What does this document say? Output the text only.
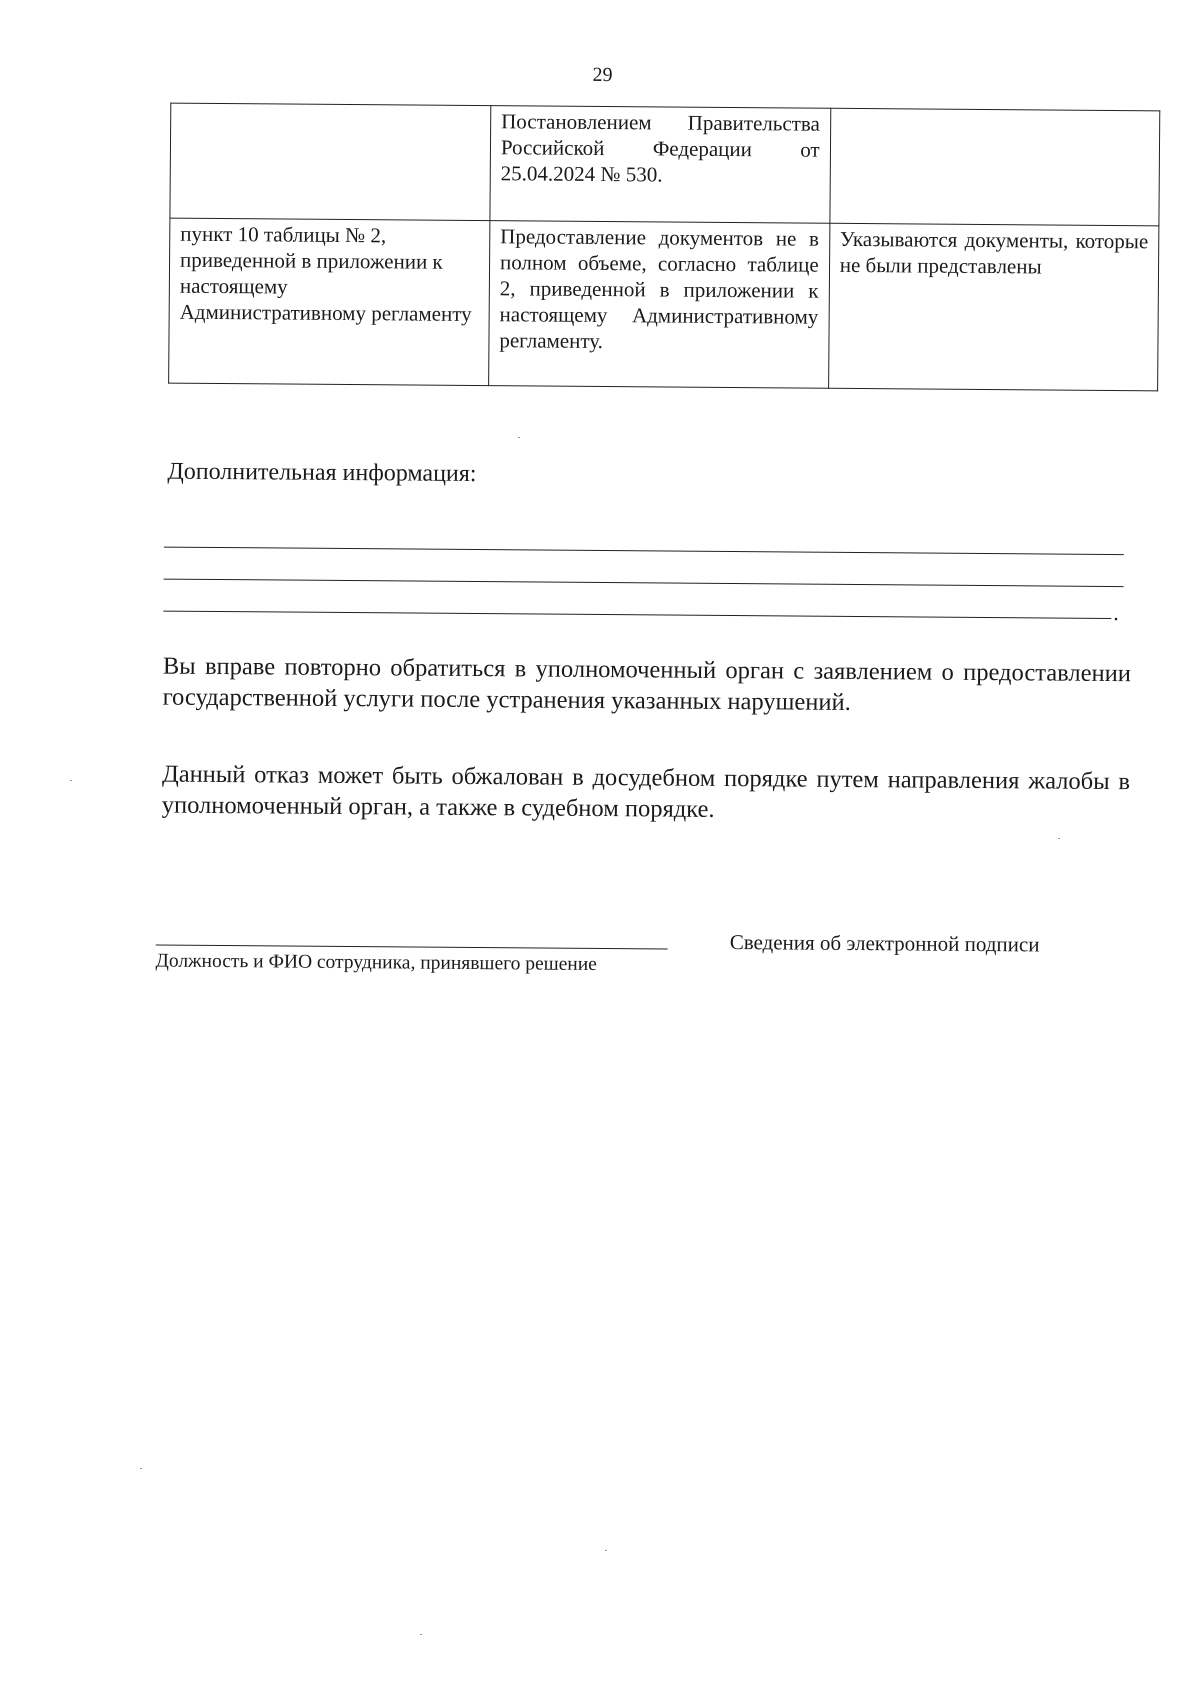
29
	Постановлением Правительства Российской Федерации от 25.04.2024 № 530.	
пункт 10 таблицы № 2, приведенной в приложении к настоящему Административному регламенту	Предоставление документов не в полном объеме, согласно таблице 2, приведенной в приложении к настоящему Административному регламенту.	Указываются документы, которые не были представлены
Дополнительная информация:
.
Вы вправе повторно обратиться в уполномоченный орган с заявлением о предоставлении государственной услуги после устранения указанных нарушений.
Данный отказ может быть обжалован в досудебном порядке путем направления жалобы в уполномоченный орган, а также в судебном порядке.
Должность и ФИО сотрудника, принявшего решение
Сведения об электронной подписи
